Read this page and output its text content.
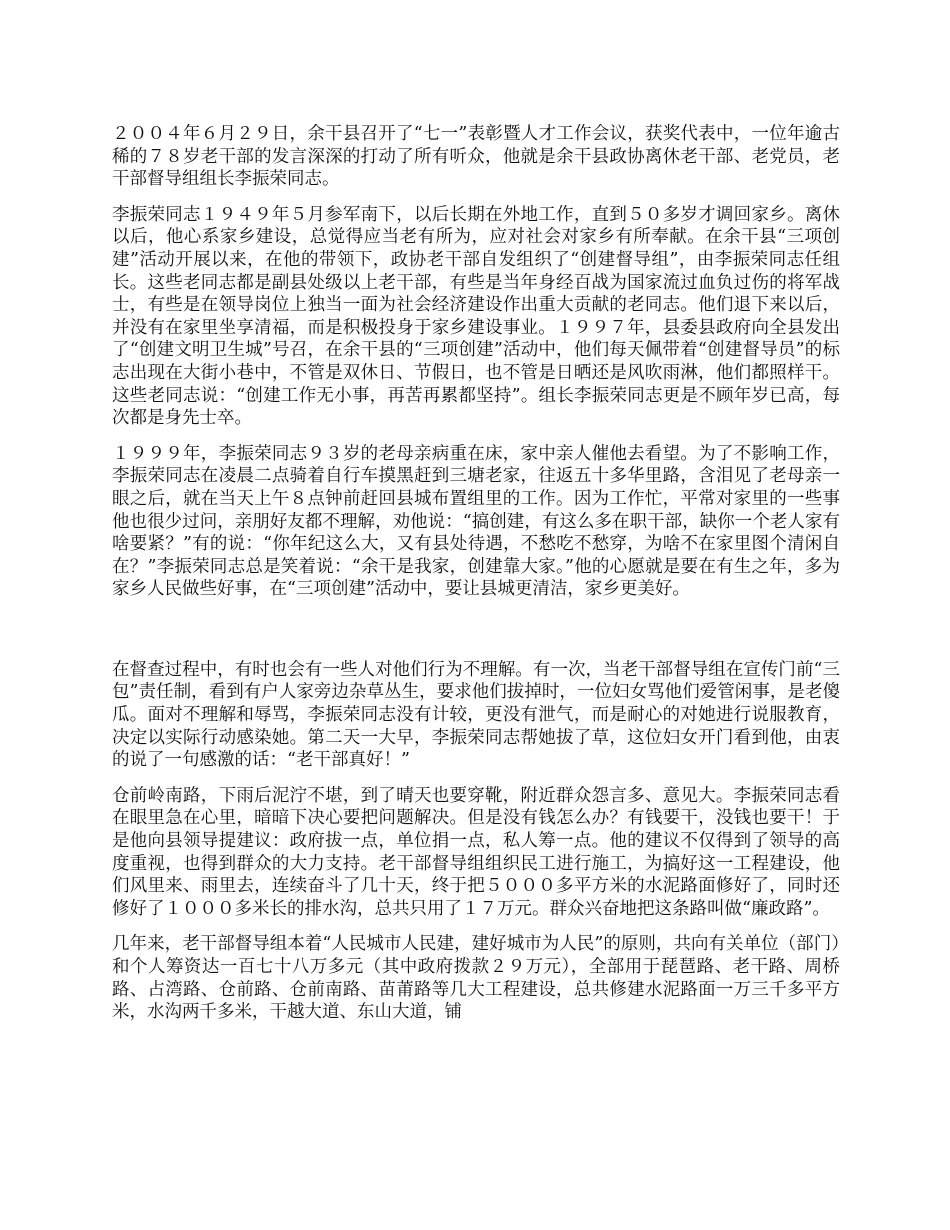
２００４年６月２９日，余干县召开了“七一”表彰暨人才工作会议，获奖代表中，一位年逾古稀的７８岁老干部的发言深深的打动了所有听众，他就是余干县政协离休老干部、老党员，老干部督导组组长李振荣同志。

李振荣同志１９４９年５月参军南下，以后长期在外地工作，直到５０多岁才调回家乡。离休以后，他心系家乡建设，总觉得应当老有所为，应对社会对家乡有所奉献。在余干县“三项创建”活动开展以来，在他的带领下，政协老干部自发组织了“创建督导组”，由李振荣同志任组长。这些老同志都是副县处级以上老干部，有些是当年身经百战为国家流过血负过伤的将军战士，有些是在领导岗位上独当一面为社会经济建设作出重大贡献的老同志。他们退下来以后，并没有在家里坐享清福，而是积极投身于家乡建设事业。１９９７年，县委县政府向全县发出了“创建文明卫生城”号召，在余干县的“三项创建”活动中，他们每天佩带着“创建督导员”的标志出现在大街小巷中，不管是双休日、节假日，也不管是日晒还是风吹雨淋，他们都照样干。这些老同志说：“创建工作无小事，再苦再累都坚持”。组长李振荣同志更是不顾年岁已高，每次都是身先士卒。

１９９９年，李振荣同志９３岁的老母亲病重在床，家中亲人催他去看望。为了不影响工作，李振荣同志在凌晨二点骑着自行车摸黑赶到三塘老家，往返五十多华里路，含泪见了老母亲一眼之后，就在当天上午８点钟前赶回县城布置组里的工作。因为工作忙，平常对家里的一些事他也很少过问，亲朋好友都不理解，劝他说：“搞创建，有这么多在职干部，缺你一个老人家有啥要紧？”有的说：“你年纪这么大，又有县处待遇，不愁吃不愁穿，为啥不在家里图个清闲自在？”李振荣同志总是笑着说：“余干是我家，创建靠大家。”他的心愿就是要在有生之年，多为家乡人民做些好事，在“三项创建”活动中，要让县城更清洁，家乡更美好。

在督查过程中，有时也会有一些人对他们行为不理解。有一次，当老干部督导组在宣传门前“三包”责任制，看到有户人家旁边杂草丛生，要求他们拔掉时，一位妇女骂他们爱管闲事，是老傻瓜。面对不理解和辱骂，李振荣同志没有计较，更没有泄气，而是耐心的对她进行说服教育，决定以实际行动感染她。第二天一大早，李振荣同志帮她拔了草，这位妇女开门看到他，由衷的说了一句感激的话：“老干部真好！”

仓前岭南路，下雨后泥泞不堪，到了晴天也要穿靴，附近群众怨言多、意见大。李振荣同志看在眼里急在心里，暗暗下决心要把问题解决。但是没有钱怎么办？有钱要干，没钱也要干！于是他向县领导提建议：政府拔一点，单位捐一点，私人筹一点。他的建议不仅得到了领导的高度重视，也得到群众的大力支持。老干部督导组组织民工进行施工，为搞好这一工程建设，他们风里来、雨里去，连续奋斗了几十天，终于把５０００多平方米的水泥路面修好了，同时还修好了１０００多米长的排水沟，总共只用了１７万元。群众兴奋地把这条路叫做“廉政路”。

几年来，老干部督导组本着“人民城市人民建，建好城市为人民”的原则，共向有关单位（部门）和个人筹资达一百七十八万多元（其中政府拨款２９万元），全部用于琵琶路、老干路、周桥路、占湾路、仓前路、仓前南路、苗莆路等几大工程建设，总共修建水泥路面一万三千多平方米，水沟两千多米，干越大道、东山大道，铺
